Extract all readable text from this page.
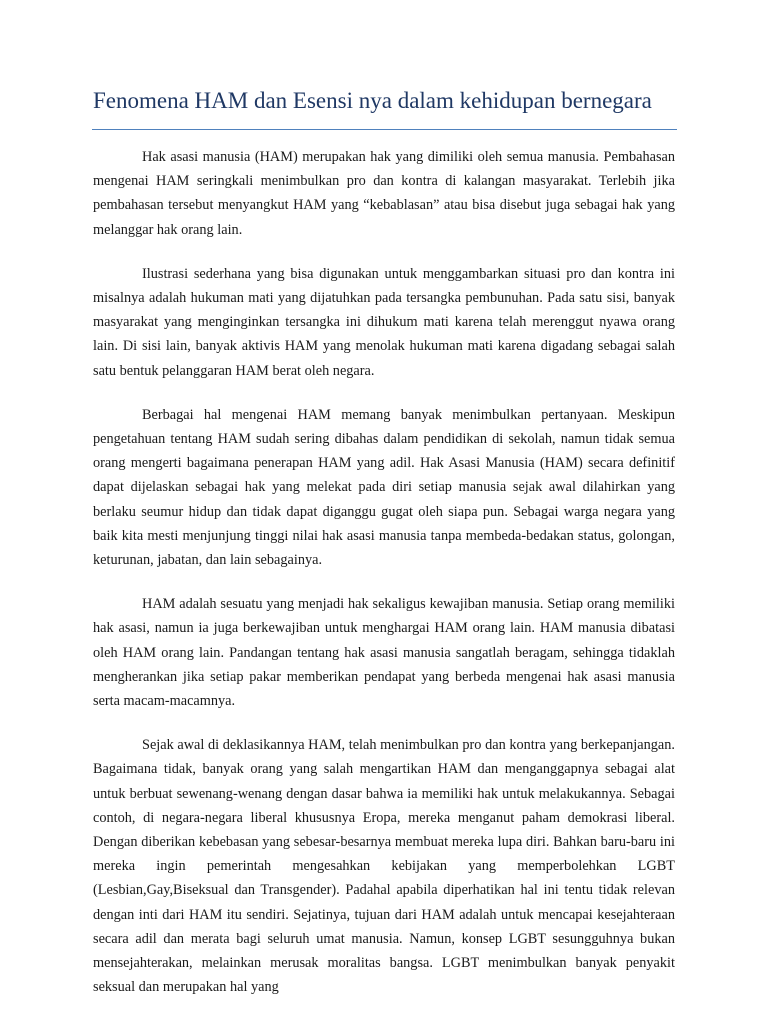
Fenomena HAM dan Esensi nya dalam kehidupan bernegara

Hak asasi manusia (HAM) merupakan hak yang dimiliki oleh semua manusia. Pembahasan mengenai HAM seringkali menimbulkan pro dan kontra di kalangan masyarakat. Terlebih jika pembahasan tersebut menyangkut HAM yang “kebablasan” atau bisa disebut juga sebagai hak yang melanggar hak orang lain.

Ilustrasi sederhana yang bisa digunakan untuk menggambarkan situasi pro dan kontra ini misalnya adalah hukuman mati yang dijatuhkan pada tersangka pembunuhan. Pada satu sisi, banyak masyarakat yang menginginkan tersangka ini dihukum mati karena telah merenggut nyawa orang lain. Di sisi lain, banyak aktivis HAM yang menolak hukuman mati karena digadang sebagai salah satu bentuk pelanggaran HAM berat oleh negara.

Berbagai hal mengenai HAM memang banyak menimbulkan pertanyaan. Meskipun pengetahuan tentang HAM sudah sering dibahas dalam pendidikan di sekolah, namun tidak semua orang mengerti bagaimana penerapan HAM yang adil. Hak Asasi Manusia (HAM) secara definitif dapat dijelaskan sebagai hak yang melekat pada diri setiap manusia sejak awal dilahirkan yang berlaku seumur hidup dan tidak dapat diganggu gugat oleh siapa pun. Sebagai warga negara yang baik kita mesti menjunjung tinggi nilai hak asasi manusia tanpa membeda-bedakan status, golongan, keturunan, jabatan, dan lain sebagainya.

HAM adalah sesuatu yang menjadi hak sekaligus kewajiban manusia. Setiap orang memiliki hak asasi, namun ia juga berkewajiban untuk menghargai HAM orang lain. HAM manusia dibatasi oleh HAM orang lain. Pandangan tentang hak asasi manusia sangatlah beragam, sehingga tidaklah mengherankan jika setiap pakar memberikan pendapat yang berbeda mengenai hak asasi manusia serta macam-macamnya.

Sejak awal di deklasikannya HAM, telah menimbulkan pro dan kontra yang berkepanjangan. Bagaimana tidak, banyak orang yang salah mengartikan HAM dan menganggapnya sebagai alat untuk berbuat sewenang-wenang dengan dasar bahwa ia memiliki hak untuk melakukannya. Sebagai contoh, di negara-negara liberal khususnya Eropa, mereka menganut paham demokrasi liberal. Dengan diberikan kebebasan yang sebesar-besarnya membuat mereka lupa diri. Bahkan baru-baru ini mereka ingin pemerintah mengesahkan kebijakan yang memperbolehkan LGBT (Lesbian,Gay,Biseksual dan Transgender). Padahal apabila diperhatikan hal ini tentu tidak relevan dengan inti dari HAM itu sendiri. Sejatinya, tujuan dari HAM adalah untuk mencapai kesejahteraan secara adil dan merata bagi seluruh umat manusia. Namun, konsep LGBT sesungguhnya bukan mensejahterakan, melainkan merusak moralitas bangsa. LGBT menimbulkan banyak penyakit seksual dan merupakan hal yang
